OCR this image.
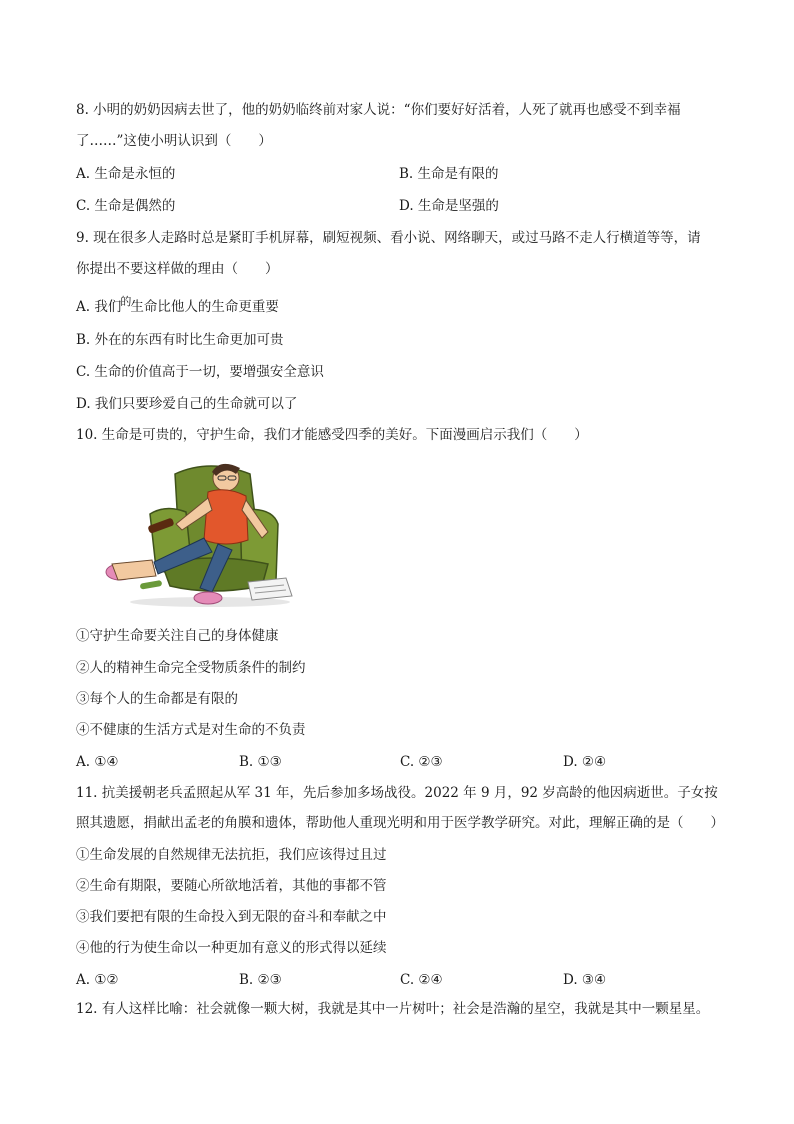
8. 小明的奶奶因病去世了，他的奶奶临终前对家人说：“你们要好好活着，人死了就再也感受不到幸福
了……”这使小明认识到（　　）
A. 生命是永恒的	B. 生命是有限的
C. 生命是偶然的	D. 生命是坚强的
9. 现在很多人走路时总是紧盯手机屏幕，刷短视频、看小说、网络聊天，或过马路不走人行横道等等，请
你提出不要这样做的理由（　　）
A. 我们$^的$生命比他人的生命更重要
B. 外在的东西有时比生命更加可贵
C. 生命的价值高于一切，要增强安全意识
D. 我们只要珍爱自己的生命就可以了
10. 生命是可贵的，守护生命，我们才能感受四季的美好。下面漫画启示我们（　　）
①守护生命要关注自己的身体健康
②人的精神生命完全受物质条件的制约
③每个人的生命都是有限的
④不健康的生活方式是对生命的不负责
A. ①④	B. ①③	C. ②③	D. ②④
11. 抗美援朝老兵孟照起从军 31 年，先后参加多场战役。2022 年 9 月，92 岁高龄的他因病逝世。子女按
照其遗愿，捐献出孟老的角膜和遗体，帮助他人重现光明和用于医学教学研究。对此，理解正确的是（　　）
①生命发展的自然规律无法抗拒，我们应该得过且过
②生命有期限，要随心所欲地活着，其他的事都不管
③我们要把有限的生命投入到无限的奋斗和奉献之中
④他的行为使生命以一种更加有意义的形式得以延续
A. ①②	B. ②③	C. ②④	D. ③④
12. 有人这样比喻：社会就像一颗大树，我就是其中一片树叶；社会是浩瀚的星空，我就是其中一颗星星。
